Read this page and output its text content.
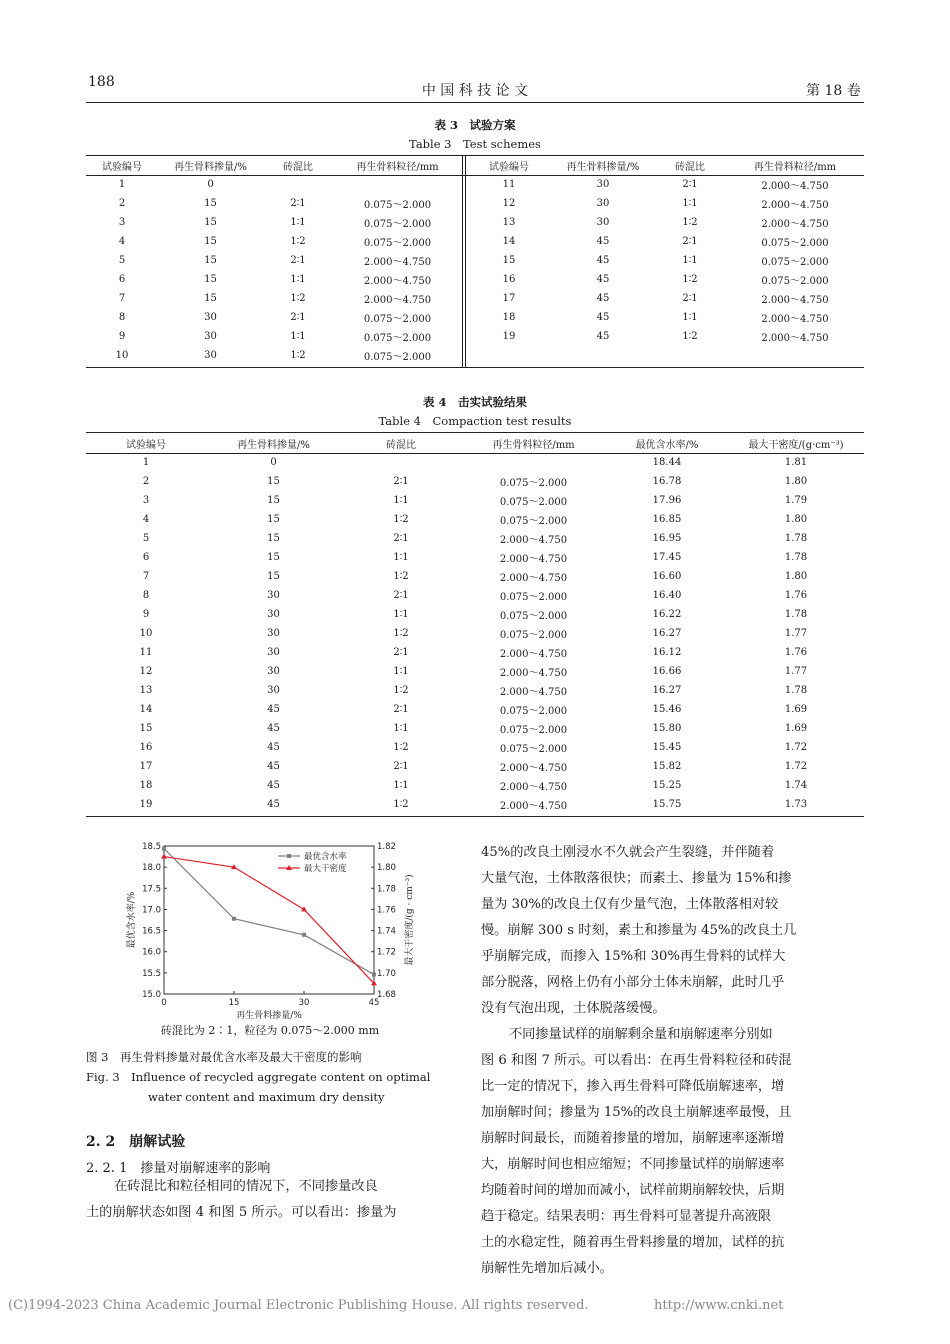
188
中 国 科 技 论 文	第 18 卷
表 3　试验方案
Table 3　Test schemes
试验编号	再生骨料掺量/%	砖混比	再生骨料粒径/mm
1	0		
2	15	2∶1	0.075～2.000
3	15	1∶1	0.075～2.000
4	15	1∶2	0.075～2.000
5	15	2∶1	2.000～4.750
6	15	1∶1	2.000～4.750
7	15	1∶2	2.000～4.750
8	30	2∶1	0.075～2.000
9	30	1∶1	0.075～2.000
10	30	1∶2	0.075～2.000
试验编号	再生骨料掺量/%	砖混比	再生骨料粒径/mm
11	30	2∶1	2.000～4.750
12	30	1∶1	2.000～4.750
13	30	1∶2	2.000～4.750
14	45	2∶1	0.075～2.000
15	45	1∶1	0.075～2.000
16	45	1∶2	0.075～2.000
17	45	2∶1	2.000～4.750
18	45	1∶1	2.000～4.750
19	45	1∶2	2.000～4.750

表 4　击实试验结果
Table 4　Compaction test results
试验编号	再生骨料掺量/%	砖混比	再生骨料粒径/mm	最优含水率/%	最大干密度/(g·cm⁻³)
1	0			18.44	1.81
2	15	2∶1	0.075～2.000	16.78	1.80
3	15	1∶1	0.075～2.000	17.96	1.79
4	15	1∶2	0.075～2.000	16.85	1.80
5	15	2∶1	2.000～4.750	16.95	1.78
6	15	1∶1	2.000～4.750	17.45	1.78
7	15	1∶2	2.000～4.750	16.60	1.80
8	30	2∶1	0.075～2.000	16.40	1.76
9	30	1∶1	0.075～2.000	16.22	1.78
10	30	1∶2	0.075～2.000	16.27	1.77
11	30	2∶1	2.000～4.750	16.12	1.76
12	30	1∶1	2.000～4.750	16.66	1.77
13	30	1∶2	2.000～4.750	16.27	1.78
14	45	2∶1	0.075～2.000	15.46	1.69
15	45	1∶1	0.075～2.000	15.80	1.69
16	45	1∶2	0.075～2.000	15.45	1.72
17	45	2∶1	2.000～4.750	15.82	1.72
18	45	1∶1	2.000～4.750	15.25	1.74
19	45	1∶2	2.000～4.750	15.75	1.73
15.0
15.5
16.0
16.5
17.0
17.5
18.0
18.5
1.68
1.70
1.72
1.74
1.76
1.78
1.80
1.82
0	15	30	45
再生骨料掺量/%
最优含水率/%	最大干密度/(g · cm⁻³)
最优含水率
最大干密度
砖混比为 2∶1，粒径为 0.075～2.000 mm
图 3　再生骨料掺量对最优含水率及最大干密度的影响
Fig. 3　Influence of recycled aggregate content on optimal
water content and maximum dry density
2. 2　崩解试验
2. 2. 1　掺量对崩解速率的影响
在砖混比和粒径相同的情况下，不同掺量改良
土的崩解状态如图 4 和图 5 所示。可以看出：掺量为
45%的改良土刚浸水不久就会产生裂缝，并伴随着
大量气泡，土体散落很快；而素土、掺量为 15%和掺
量为 30%的改良土仅有少量气泡，土体散落相对较
慢。崩解 300 s 时刻，素土和掺量为 45%的改良土几
乎崩解完成，而掺入 15%和 30%再生骨料的试样大
部分脱落，网格上仍有小部分土体未崩解，此时几乎
没有气泡出现，土体脱落缓慢。
不同掺量试样的崩解剩余量和崩解速率分别如
图 6 和图 7 所示。可以看出：在再生骨料粒径和砖混
比一定的情况下，掺入再生骨料可降低崩解速率，增
加崩解时间；掺量为 15%的改良土崩解速率最慢，且
崩解时间最长，而随着掺量的增加，崩解速率逐渐增
大，崩解时间也相应缩短；不同掺量试样的崩解速率
均随着时间的增加而减小，试样前期崩解较快，后期
趋于稳定。结果表明：再生骨料可显著提升高液限
土的水稳定性，随着再生骨料掺量的增加，试样的抗
崩解性先增加后减小。
(C)1994-2023 China Academic Journal Electronic Publishing House. All rights reserved.	http://www.cnki.net
